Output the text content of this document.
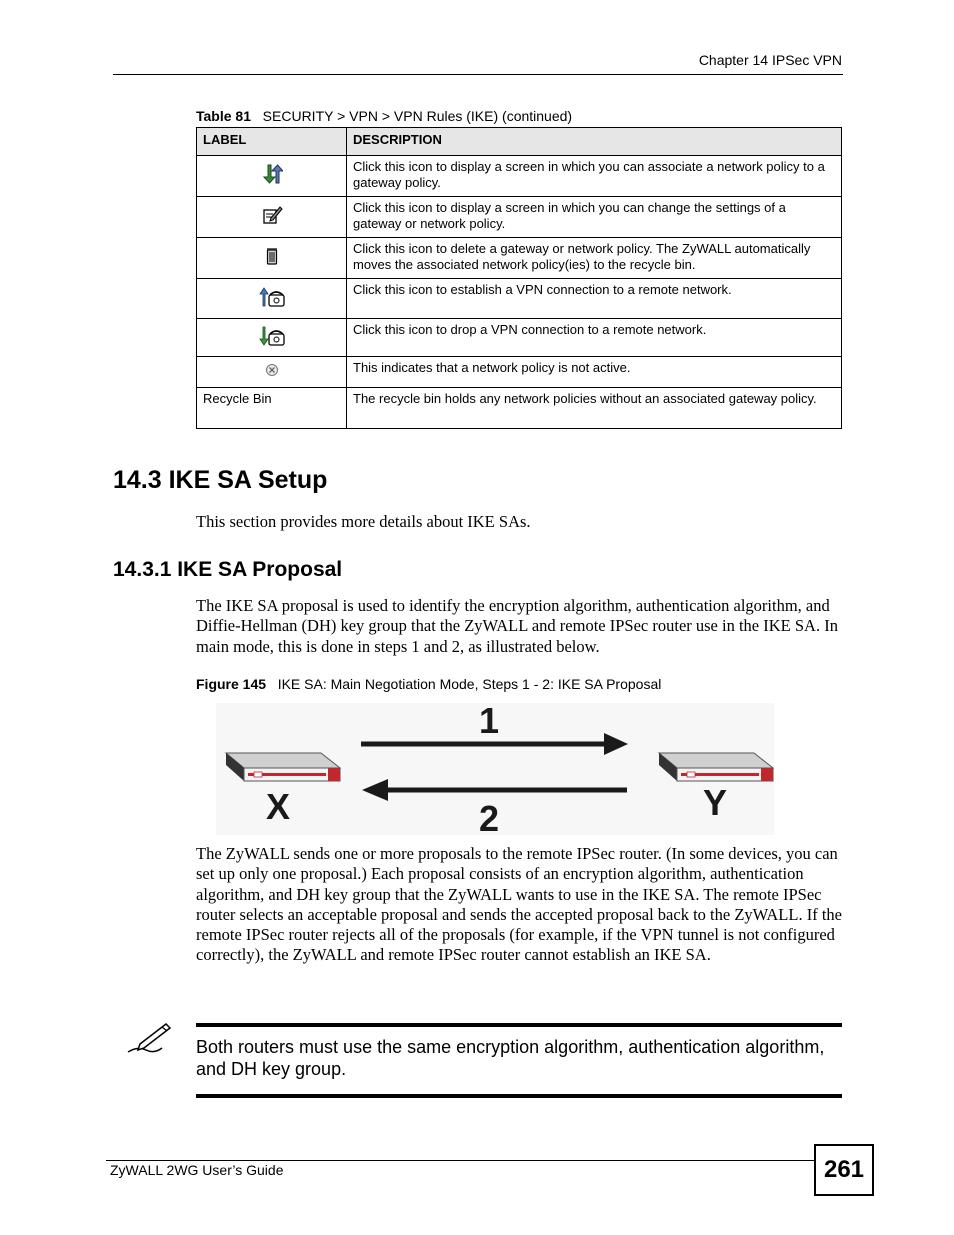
Chapter 14 IPSec VPN
Table 81 SECURITY > VPN > VPN Rules (IKE) (continued)
LABEL	DESCRIPTION
	Click this icon to display a screen in which you can associate a network policy to a gateway policy.
	Click this icon to display a screen in which you can change the settings of a gateway or network policy.
	Click this icon to delete a gateway or network policy. The ZyWALL automatically moves the associated network policy(ies) to the recycle bin.
	Click this icon to establish a VPN connection to a remote network.
	Click this icon to drop a VPN connection to a remote network.
	This indicates that a network policy is not active.
Recycle Bin	The recycle bin holds any network policies without an associated gateway policy.
14.3 IKE SA Setup
This section provides more details about IKE SAs.
14.3.1 IKE SA Proposal
The IKE SA proposal is used to identify the encryption algorithm, authentication algorithm, and Diffie-Hellman (DH) key group that the ZyWALL and remote IPSec router use in the IKE SA. In main mode, this is done in steps 1 and 2, as illustrated below.
Figure 145 IKE SA: Main Negotiation Mode, Steps 1 - 2: IKE SA Proposal
1
2
X	Y
The ZyWALL sends one or more proposals to the remote IPSec router. (In some devices, you can set up only one proposal.) Each proposal consists of an encryption algorithm, authentication algorithm, and DH key group that the ZyWALL wants to use in the IKE SA. The remote IPSec router selects an acceptable proposal and sends the accepted proposal back to the ZyWALL. If the remote IPSec router rejects all of the proposals (for example, if the VPN tunnel is not configured correctly), the ZyWALL and remote IPSec router cannot establish an IKE SA.
Both routers must use the same encryption algorithm, authentication algorithm, and DH key group.
ZyWALL 2WG User’s Guide	261
